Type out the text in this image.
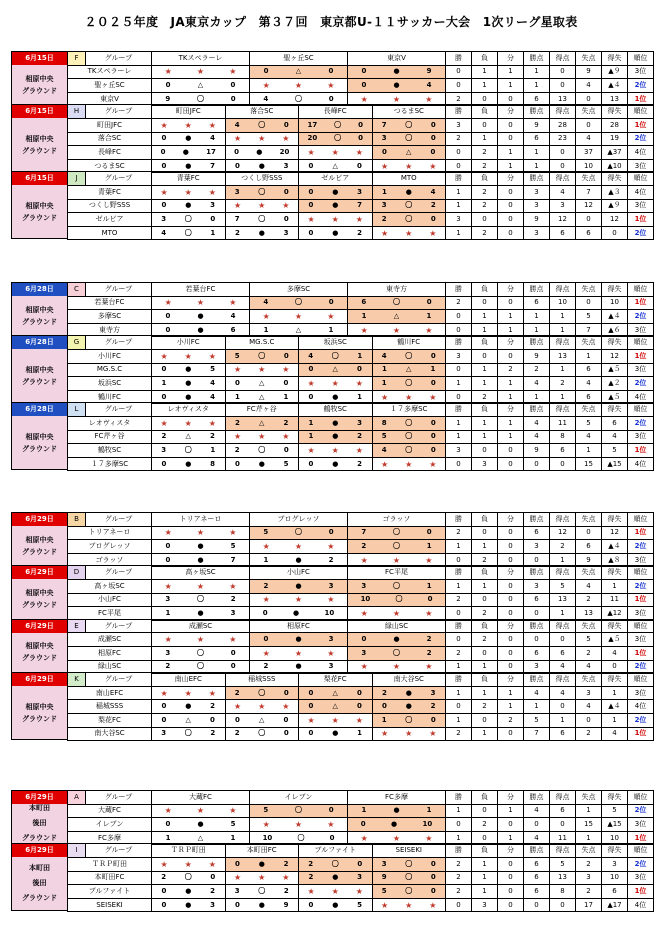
２０２５年度　JA東京カップ　第３７回　東京都U-１１サッカー大会　1次リーグ星取表
6月15日
相原中央
グラウンド
F	グループ	TKスペラーレ	聖ヶ丘SC	東京V	勝	負	分	勝点	得点	失点	得失	順位
TKスペラーレ		★ ★ ★	0 △ 0	0 ● 9	0	1	1	1	0	9	▲９	3位
聖ヶ丘SC		0 △ 0	★ ★ ★	0 ● 4	0	1	1	1	0	4	▲４	2位
東京V		9 〇 0	4 〇 0	★ ★ ★	2	0	0	6	13	0	13	1位
6月15日
相原中央
グラウンド
H	グループ	町田JFC	落合SC	長峰FC	つるまSC	勝	負	分	勝点	得点	失点	得失	順位
町田JFC		★ ★ ★	4 〇 0	17 〇 0	7 〇 0	3	0	0	9	28	0	28	1位
落合SC		0 ● 4	★ ★ ★	20 〇 0	3 〇 0	2	1	0	6	23	4	19	2位
長峰FC		0 ● 17	0 ● 20	★ ★ ★	0 △ 0	0	2	1	1	0	37	▲37	4位
つるまSC		0 ● 7	0 ● 3	0 △ 0	★ ★ ★	0	2	1	1	0	10	▲10	3位
6月15日
相原中央
グラウンド
J	グループ	青葉FC	つくし野SSS	ゼルビア	MTO	勝	負	分	勝点	得点	失点	得失	順位
青葉FC		★ ★ ★	3 〇 0	0 ● 3	1 ● 4	1	2	0	3	4	7	▲３	4位
つくし野SSS		0 ● 3	★ ★ ★	0 ● 7	3 〇 2	1	2	0	3	3	12	▲９	3位
ゼルビア		3 〇 0	7 〇 0	★ ★ ★	2 〇 0	3	0	0	9	12	0	12	1位
MTO		4 〇 1	2 ● 3	0 ● 2	★ ★ ★	1	2	0	3	6	6	0	2位
6月28日
相原中央
グラウンド
C	グループ	若葉台FC	多摩SC	東寺方	勝	負	分	勝点	得点	失点	得失	順位
若葉台FC		★ ★ ★	4 〇 0	6 〇 0	2	0	0	6	10	0	10	1位
多摩SC		0 ● 4	★ ★ ★	1 △ 1	0	1	1	1	1	5	▲４	2位
東寺方		0 ● 6	1 △ 1	★ ★ ★	0	1	1	1	1	7	▲６	3位
6月28日
相原中央
グラウンド
G	グループ	小川FC	MG.S.C	坂浜SC	鶴川FC	勝	負	分	勝点	得点	失点	得失	順位
小川FC		★ ★ ★	5 〇 0	4 〇 1	4 〇 0	3	0	0	9	13	1	12	1位
MG.S.C		0 ● 5	★ ★ ★	0 △ 0	1 △ 1	0	1	2	2	1	6	▲５	3位
坂浜SC		1 ● 4	0 △ 0	★ ★ ★	1 〇 0	1	1	1	4	2	4	▲２	2位
鶴川FC		0 ● 4	1 △ 1	0 ● 1	★ ★ ★	0	2	1	1	1	6	▲５	4位
6月28日
相原中央
グラウンド
L	グループ	レオヴィスタ	FC芹ヶ谷	鶴牧SC	１７多摩SC	勝	負	分	勝点	得点	失点	得失	順位
レオヴィスタ		★ ★ ★	2 △ 2	1 ● 3	8 〇 0	1	1	1	4	11	5	6	2位
FC芹ヶ谷		2 △ 2	★ ★ ★	1 ● 2	5 〇 0	1	1	1	4	8	4	4	3位
鶴牧SC		3 〇 1	2 〇 0	★ ★ ★	4 〇 0	3	0	0	9	6	1	5	1位
１７多摩SC		0 ● 8	0 ● 5	0 ● 2	★ ★ ★	0	3	0	0	0	15	▲15	4位
6月29日
相原中央
グラウンド
B	グループ	トリアネーロ	ブログレッソ	ゴラッソ	勝	負	分	勝点	得点	失点	得失	順位
トリアネーロ		★ ★ ★	5 〇 0	7 〇 0	2	0	0	6	12	0	12	1位
ブログレッソ		0 ● 5	★ ★ ★	2 〇 1	1	1	0	3	2	6	▲４	2位
ゴラッソ		0 ● 7	1 ● 2	★ ★ ★	0	2	0	0	1	9	▲８	3位
6月29日
相原中央
グラウンド
D	グループ	高ヶ坂SC	小山FC	FC平尾	勝	負	分	勝点	得点	失点	得失	順位
高ヶ坂SC		★ ★ ★	2 ● 3	3 〇 1	1	1	0	3	5	4	1	2位
小山FC		3 〇 2	★ ★ ★	10 〇 0	2	0	0	6	13	2	11	1位
FC平尾		1 ● 3	0 ● 10	★ ★ ★	0	2	0	0	1	13	▲12	3位
6月29日
相原中央
グラウンド
E	グループ	成瀬SC	相原FC	緑山SC	勝	負	分	勝点	得点	失点	得失	順位
成瀬SC		★ ★ ★	0 ● 3	0 ● 2	0	2	0	0	0	5	▲５	3位
相原FC		3 〇 0	★ ★ ★	3 〇 2	2	0	0	6	6	2	4	1位
緑山SC		2 〇 0	2 ● 3	★ ★ ★	1	1	0	3	4	4	0	2位
6月29日
相原中央
グラウンド
K	グループ	南山EFC	稲城SSS	梨花FC	南大谷SC	勝	負	分	勝点	得点	失点	得失	順位
南山EFC		★ ★ ★	2 〇 0	0 △ 0	2 ● 3	1	1	1	4	4	3	1	3位
稲城SSS		0 ● 2	★ ★ ★	0 △ 0	0 ● 2	0	2	1	1	0	4	▲４	4位
梨花FC		0 △ 0	0 △ 0	★ ★ ★	1 〇 0	1	0	2	5	1	0	1	2位
南大谷SC		3 〇 2	2 〇 0	0 ● 1	★ ★ ★	2	1	0	7	6	2	4	1位
6月29日
本町田
後田
グラウンド
A	グループ	大蔵FC	イレブン	FC多摩	勝	負	分	勝点	得点	失点	得失	順位
大蔵FC		★ ★ ★	5 〇 0	1 ● 1	1	0	1	4	6	1	5	2位
イレブン		0 ● 5	★ ★ ★	0 ● 10	0	2	0	0	0	15	▲15	3位
FC多摩		1 △ 1	10 〇 0	★ ★ ★	1	0	1	4	11	1	10	1位
6月29日
本町田
後田
グラウンド
I	グループ	ＴＲＰ町田	本町田FC	ブルファイト	SEISEKI	勝	負	分	勝点	得点	失点	得失	順位
ＴＲＰ町田		★ ★ ★	0 ● 2	2 〇 0	3 〇 0	2	1	0	6	5	2	3	2位
本町田FC		2 〇 0	★ ★ ★	2 ● 3	9 〇 0	2	1	0	6	13	3	10	3位
ブルファイト		0 ● 2	3 〇 2	★ ★ ★	5 〇 0	2	1	0	6	8	2	6	1位
SEISEKI		0 ● 3	0 ● 9	0 ● 5	★ ★ ★	0	3	0	0	0	17	▲17	4位
